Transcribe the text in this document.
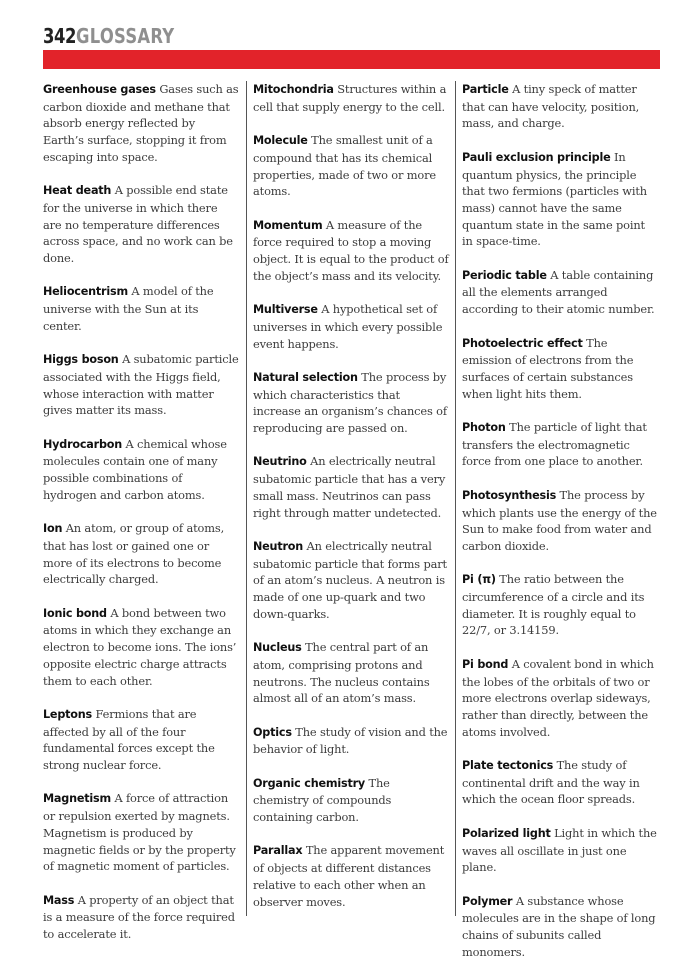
342 GLOSSARY

Greenhouse gases Gases such as carbon dioxide and methane that absorb energy reflected by Earth’s surface, stopping it from escaping into space.

Heat death A possible end state for the universe in which there are no temperature differences across space, and no work can be done.

Heliocentrism A model of the universe with the Sun at its center.

Higgs boson A subatomic particle associated with the Higgs field, whose interaction with matter gives matter its mass.

Hydrocarbon A chemical whose molecules contain one of many possible combinations of hydrogen and carbon atoms.

Ion An atom, or group of atoms, that has lost or gained one or more of its electrons to become electrically charged.

Ionic bond A bond between two atoms in which they exchange an electron to become ions. The ions’ opposite electric charge attracts them to each other.

Leptons Fermions that are affected by all of the four fundamental forces except the strong nuclear force.

Magnetism A force of attraction or repulsion exerted by magnets. Magnetism is produced by magnetic fields or by the property of magnetic moment of particles.

Mass A property of an object that is a measure of the force required to accelerate it.

Mitochondria Structures within a cell that supply energy to the cell.

Molecule The smallest unit of a compound that has its chemical properties, made of two or more atoms.

Momentum A measure of the force required to stop a moving object. It is equal to the product of the object’s mass and its velocity.

Multiverse A hypothetical set of universes in which every possible event happens.

Natural selection The process by which characteristics that increase an organism’s chances of reproducing are passed on.

Neutrino An electrically neutral subatomic particle that has a very small mass. Neutrinos can pass right through matter undetected.

Neutron An electrically neutral subatomic particle that forms part of an atom’s nucleus. A neutron is made of one up-quark and two down-quarks.

Nucleus The central part of an atom, comprising protons and neutrons. The nucleus contains almost all of an atom’s mass.

Optics The study of vision and the behavior of light.

Organic chemistry The chemistry of compounds containing carbon.

Parallax The apparent movement of objects at different distances relative to each other when an observer moves.

Particle A tiny speck of matter that can have velocity, position, mass, and charge.

Pauli exclusion principle In quantum physics, the principle that two fermions (particles with mass) cannot have the same quantum state in the same point in space-time.

Periodic table A table containing all the elements arranged according to their atomic number.

Photoelectric effect The emission of electrons from the surfaces of certain substances when light hits them.

Photon The particle of light that transfers the electromagnetic force from one place to another.

Photosynthesis The process by which plants use the energy of the Sun to make food from water and carbon dioxide.

Pi (π) The ratio between the circumference of a circle and its diameter. It is roughly equal to 22/7, or 3.14159.

Pi bond A covalent bond in which the lobes of the orbitals of two or more electrons overlap sideways, rather than directly, between the atoms involved.

Plate tectonics The study of continental drift and the way in which the ocean floor spreads.

Polarized light Light in which the waves all oscillate in just one plane.

Polymer A substance whose molecules are in the shape of long chains of subunits called monomers.
